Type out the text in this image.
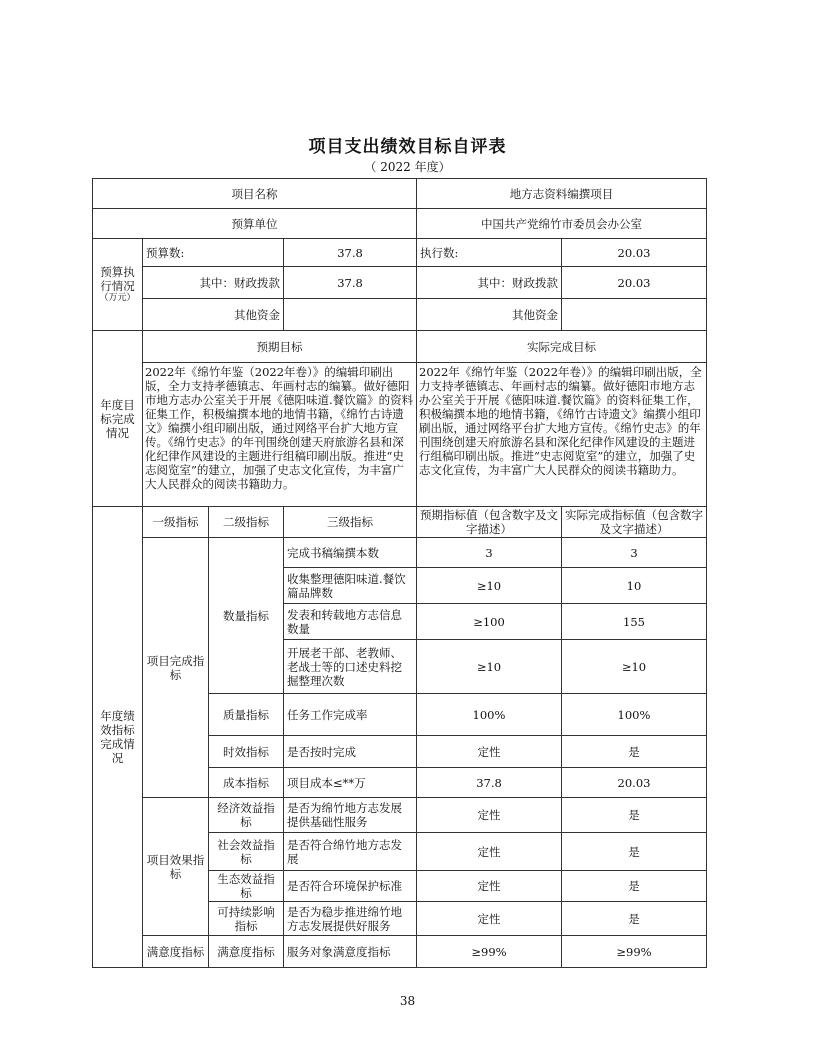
项目支出绩效目标自评表
（ 2022 年度）
项目名称				地方志资料编撰项目	
预算单位				中国共产党绵竹市委员会办公室	
预算执行情况
（万元）	预算数:		37.8	执行数:	20.03
	其中：财政拨款		37.8	其中：财政拨款	20.03
	其他资金			其他资金	
年度目标完成情况	预期目标			实际完成目标	
	2022年《绵竹年鉴（2022年卷）》的编辑印刷出版，全力支持孝德镇志、年画村志的编纂。做好德阳市地方志办公室关于开展《德阳味道.餐饮篇》的资料征集工作，积极编撰本地的地情书籍，《绵竹古诗遗文》编撰小组印刷出版，通过网络平台扩大地方宣传。《绵竹史志》的年刊围绕创建天府旅游名县和深化纪律作风建设的主题进行组稿印刷出版。推进“史志阅览室”的建立，加强了史志文化宣传，为丰富广大人民群众的阅读书籍助力。			2022年《绵竹年鉴（2022年卷）》的编辑印刷出版，全力支持孝德镇志、年画村志的编纂。做好德阳市地方志办公室关于开展《德阳味道.餐饮篇》的资料征集工作，积极编撰本地的地情书籍，《绵竹古诗遗文》编撰小组印刷出版，通过网络平台扩大地方宣传。《绵竹史志》的年刊围绕创建天府旅游名县和深化纪律作风建设的主题进行组稿印刷出版。推进“史志阅览室”的建立，加强了史志文化宣传，为丰富广大人民群众的阅读书籍助力。	
年度绩效指标完成情况	一级指标	二级指标	三级指标	预期指标值（包含数字及文字描述）	实际完成指标值（包含数字及文字描述）
	项目完成指标	数量指标	完成书稿编撰本数	3	3
			收集整理德阳味道.餐饮篇品牌数	≥10	10
			发表和转载地方志信息数量	≥100	155
			开展老干部、老教师、老战士等的口述史料挖掘整理次数	≥10	≥10
		质量指标	任务工作完成率	100%	100%
		时效指标	是否按时完成	定性	是
		成本指标	项目成本≤**万	37.8	20.03
	项目效果指标	经济效益指标	是否为绵竹地方志发展提供基础性服务	定性	是
		社会效益指标	是否符合绵竹地方志发展	定性	是
		生态效益指标	是否符合环境保护标准	定性	是
		可持续影响指标	是否为稳步推进绵竹地方志发展提供好服务	定性	是
	满意度指标	满意度指标	服务对象满意度指标	≥99%	≥99%
38
